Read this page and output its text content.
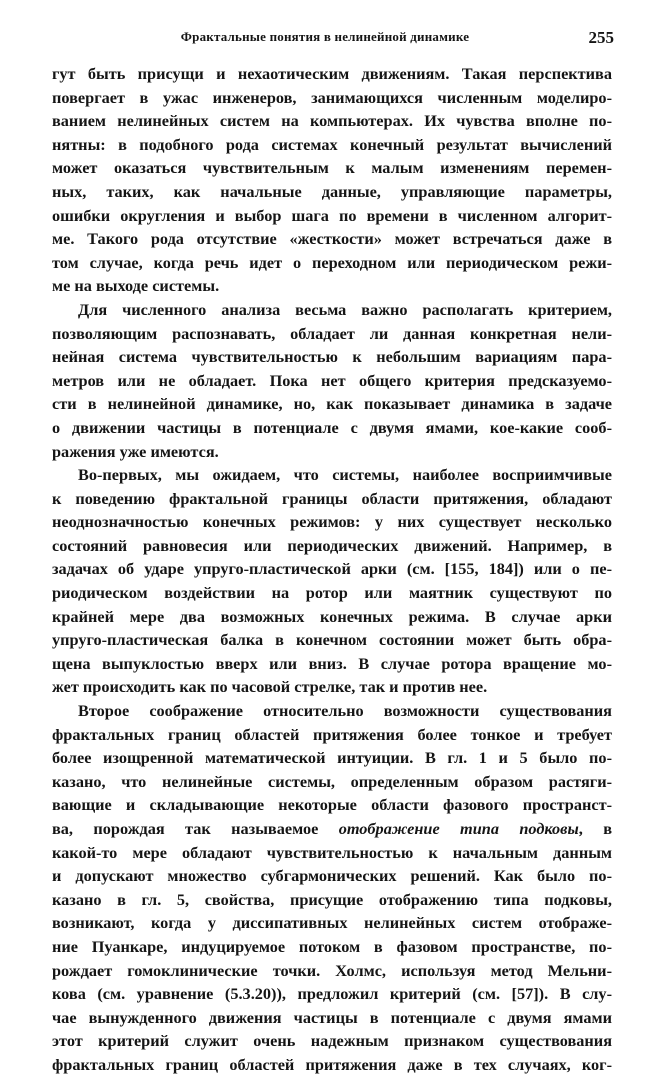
Фрактальные понятия в нелинейной динамике	255
гут быть присущи и нехаотическим движениям. Такая перспектива
повергает в ужас инженеров, занимающихся численным моделиро-
ванием нелинейных систем на компьютерах. Их чувства вполне по-
нятны: в подобного рода системах конечный результат вычислений
может оказаться чувствительным к малым изменениям перемен-
ных, таких, как начальные данные, управляющие параметры,
ошибки округления и выбор шага по времени в численном алгорит-
ме. Такого рода отсутствие «жесткости» может встречаться даже в
том случае, когда речь идет о переходном или периодическом режи-
ме на выходе системы.
Для численного анализа весьма важно располагать критерием,
позволяющим распознавать, обладает ли данная конкретная нели-
нейная система чувствительностью к небольшим вариациям пара-
метров или не обладает. Пока нет общего критерия предсказуемо-
сти в нелинейной динамике, но, как показывает динамика в задаче
о движении частицы в потенциале с двумя ямами, кое-какие сооб-
ражения уже имеются.
Во-первых, мы ожидаем, что системы, наиболее восприимчивые
к поведению фрактальной границы области притяжения, обладают
неоднозначностью конечных режимов: у них существует несколько
состояний равновесия или периодических движений. Например, в
задачах об ударе упруго-пластической арки (см. [155, 184]) или о пе-
риодическом воздействии на ротор или маятник существуют по
крайней мере два возможных конечных режима. В случае арки
упруго-пластическая балка в конечном состоянии может быть обра-
щена выпуклостью вверх или вниз. В случае ротора вращение мо-
жет происходить как по часовой стрелке, так и против нее.
Второе соображение относительно возможности существования
фрактальных границ областей притяжения более тонкое и требует
более изощренной математической интуиции. В гл. 1 и 5 было по-
казано, что нелинейные системы, определенным образом растяги-
вающие и складывающие некоторые области фазового пространст-
ва, порождая так называемое отображение типа подковы, в
какой-то мере обладают чувствительностью к начальным данным
и допускают множество субгармонических решений. Как было по-
казано в гл. 5, свойства, присущие отображению типа подковы,
возникают, когда у диссипативных нелинейных систем отображе-
ние Пуанкаре, индуцируемое потоком в фазовом пространстве, по-
рождает гомоклинические точки. Холмс, используя метод Мельни-
кова (см. уравнение (5.3.20)), предложил критерий (см. [57]). В слу-
чае вынужденного движения частицы в потенциале с двумя ямами
этот критерий служит очень надежным признаком существования
фрактальных границ областей притяжения даже в тех случаях, ког-
